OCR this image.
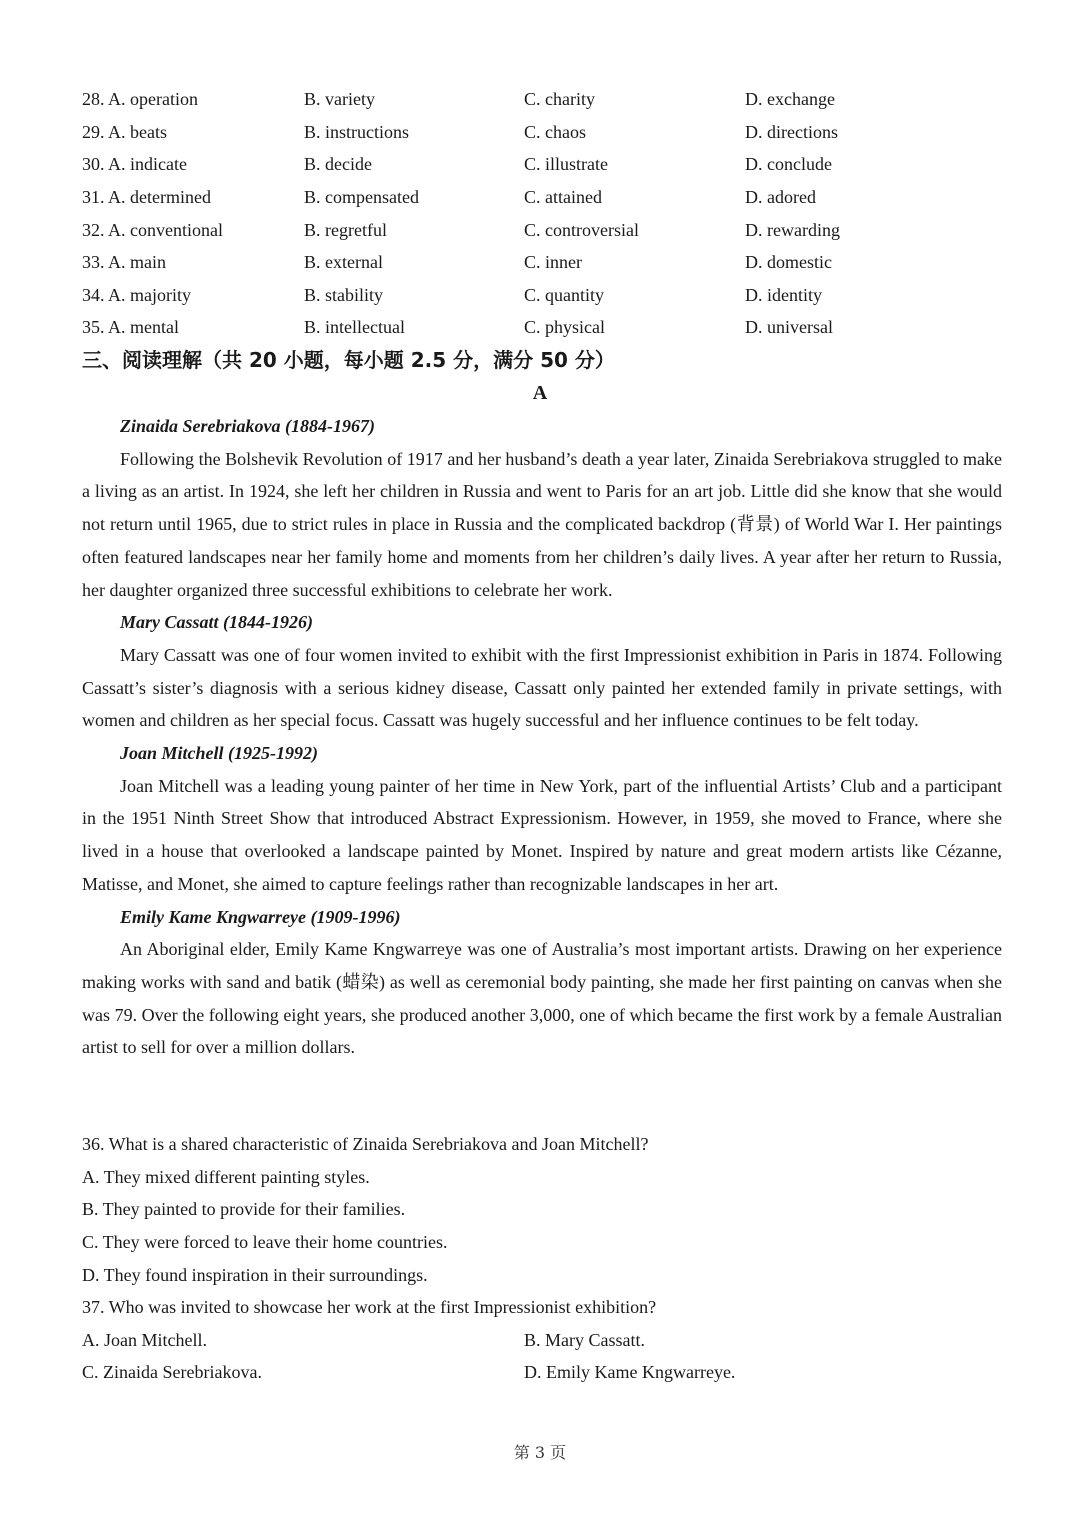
28. A. operation	B. variety	C. charity	D. exchange
29. A. beats	B. instructions	C. chaos	D. directions
30. A. indicate	B. decide	C. illustrate	D. conclude
31. A. determined	B. compensated	C. attained	D. adored
32. A. conventional	B. regretful	C. controversial	D. rewarding
33. A. main	B. external	C. inner	D. domestic
34. A. majority	B. stability	C. quantity	D. identity
35. A. mental	B. intellectual	C. physical	D. universal
三、阅读理解（共 20 小题，每小题 2.5 分，满分 50 分）
A
Zinaida Serebriakova (1884-1967)

Following the Bolshevik Revolution of 1917 and her husband’s death a year later, Zinaida Serebriakova struggled to make a living as an artist. In 1924, she left her children in Russia and went to Paris for an art job. Little did she know that she would not return until 1965, due to strict rules in place in Russia and the complicated backdrop (背景) of World War I. Her paintings often featured landscapes near her family home and moments from her children’s daily lives. A year after her return to Russia, her daughter organized three successful exhibitions to celebrate her work.

Mary Cassatt (1844-1926)

Mary Cassatt was one of four women invited to exhibit with the first Impressionist exhibition in Paris in 1874. Following Cassatt’s sister’s diagnosis with a serious kidney disease, Cassatt only painted her extended family in private settings, with women and children as her special focus. Cassatt was hugely successful and her influence continues to be felt today.

Joan Mitchell (1925-1992)

Joan Mitchell was a leading young painter of her time in New York, part of the influential Artists’ Club and a participant in the 1951 Ninth Street Show that introduced Abstract Expressionism. However, in 1959, she moved to France, where she lived in a house that overlooked a landscape painted by Monet. Inspired by nature and great modern artists like Cézanne, Matisse, and Monet, she aimed to capture feelings rather than recognizable landscapes in her art.

Emily Kame Kngwarreye (1909-1996)

An Aboriginal elder, Emily Kame Kngwarreye was one of Australia’s most important artists. Drawing on her experience making works with sand and batik (蜡染) as well as ceremonial body painting, she made her first painting on canvas when she was 79. Over the following eight years, she produced another 3,000, one of which became the first work by a female Australian artist to sell for over a million dollars.

36. What is a shared characteristic of Zinaida Serebriakova and Joan Mitchell?
A. They mixed different painting styles.
B. They painted to provide for their families.
C. They were forced to leave their home countries.
D. They found inspiration in their surroundings.
37. Who was invited to showcase her work at the first Impressionist exhibition?
A. Joan Mitchell.	B. Mary Cassatt.
C. Zinaida Serebriakova.	D. Emily Kame Kngwarreye.
第 3 页
